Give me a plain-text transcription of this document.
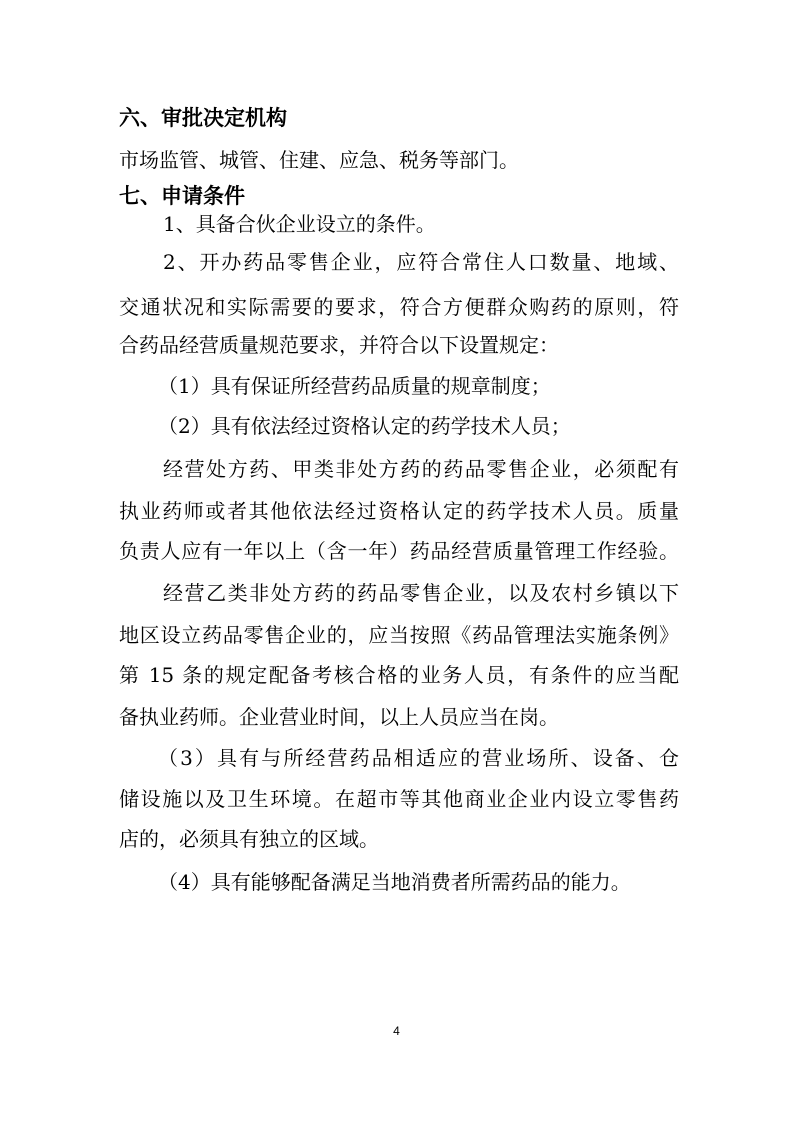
六、审批决定机构
市场监管、城管、住建、应急、税务等部门。
七、申请条件
1、具备合伙企业设立的条件。
2、开办药品零售企业，应符合常住人口数量、地域、
交通状况和实际需要的要求，符合方便群众购药的原则，符
合药品经营质量规范要求，并符合以下设置规定：
（1）具有保证所经营药品质量的规章制度；
（2）具有依法经过资格认定的药学技术人员；
经营处方药、甲类非处方药的药品零售企业，必须配有
执业药师或者其他依法经过资格认定的药学技术人员。质量
负责人应有一年以上（含一年）药品经营质量管理工作经验。
经营乙类非处方药的药品零售企业，以及农村乡镇以下
地区设立药品零售企业的，应当按照《药品管理法实施条例》
第 15 条的规定配备考核合格的业务人员，有条件的应当配
备执业药师。企业营业时间，以上人员应当在岗。
（3）具有与所经营药品相适应的营业场所、设备、仓
储设施以及卫生环境。在超市等其他商业企业内设立零售药
店的，必须具有独立的区域。
（4）具有能够配备满足当地消费者所需药品的能力。
4
